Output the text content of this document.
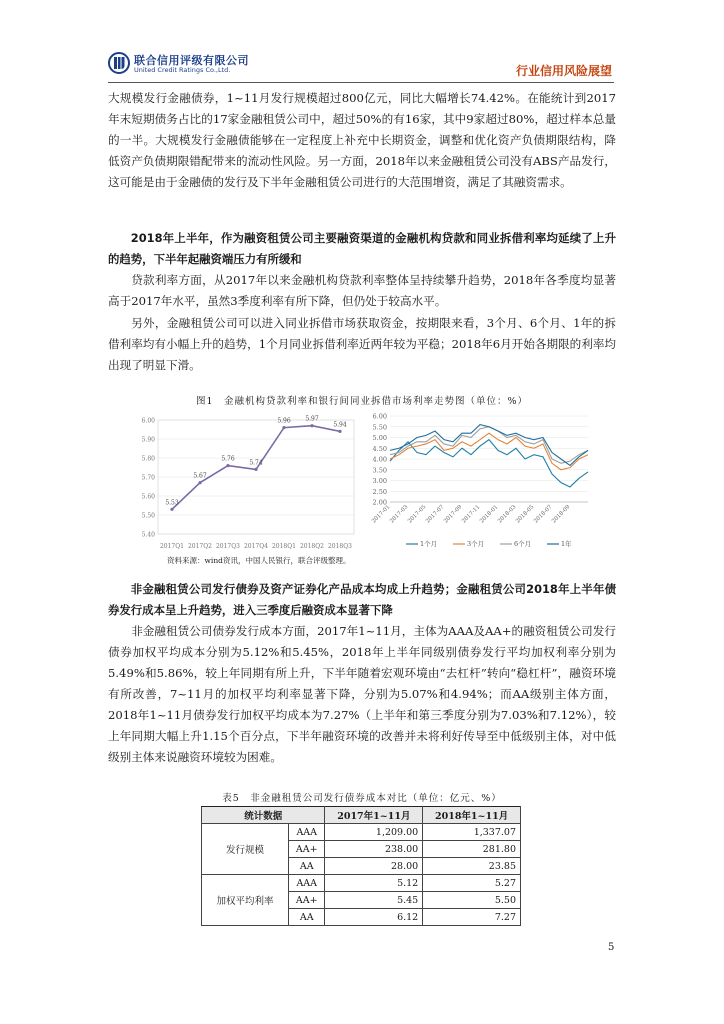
联合信用评级有限公司
United Credit Ratings Co.,Ltd.	行业信用风险展望

大规模发行金融债券，1~11月发行规模超过800亿元，同比大幅增长74.42%。在能统计到2017年末短期债务占比的17家金融租赁公司中，超过50%的有16家，其中9家超过80%，超过样本总量的一半。大规模发行金融债能够在一定程度上补充中长期资金，调整和优化资产负债期限结构，降低资产负债期限错配带来的流动性风险。另一方面，2018年以来金融租赁公司没有ABS产品发行，这可能是由于金融债的发行及下半年金融租赁公司进行的大范围增资，满足了其融资需求。

2018年上半年，作为融资租赁公司主要融资渠道的金融机构贷款和同业拆借利率均延续了上升的趋势，下半年起融资端压力有所缓和

贷款利率方面，从2017年以来金融机构贷款利率整体呈持续攀升趋势，2018年各季度均显著高于2017年水平，虽然3季度利率有所下降，但仍处于较高水平。

另外，金融租赁公司可以进入同业拆借市场获取资金，按期限来看，3个月、6个月、1年的拆借利率均有小幅上升的趋势，1个月同业拆借利率近两年较为平稳；2018年6月开始各期限的利率均出现了明显下滑。

图1　金融机构贷款利率和银行间同业拆借市场利率走势图（单位：%）
5.40
5.50
5.60
5.70
5.80
5.90
6.00
2017Q1 2017Q2 2017Q3 2017Q4 2018Q1 2018Q2 2018Q3
5.53
5.67
5.76
5.74
5.96 5.97
5.94
2.00
2.50
3.00
3.50
4.00
4.50
5.00
5.50
6.00
2017-01
2017-03
2017-05
2017-07
2017-09
2017-11
2018-01
2018-03
2018-05
2018-07
2018-09
1个月	3个月	6个月	1年
资料来源：wind资讯，中国人民银行，联合评级整理。

非金融租赁公司发行债券及资产证券化产品成本均成上升趋势；金融租赁公司2018年上半年债券发行成本呈上升趋势，进入三季度后融资成本显著下降

非金融租赁公司债券发行成本方面，2017年1~11月，主体为AAA及AA+的融资租赁公司发行债券加权平均成本分别为5.12%和5.45%，2018年上半年同级别债券发行平均加权利率分别为5.49%和5.86%，较上年同期有所上升，下半年随着宏观环境由“去杠杆”转向“稳杠杆”，融资环境有所改善，7~11月的加权平均利率显著下降，分别为5.07%和4.94%；而AA级别主体方面，2018年1~11月债券发行加权平均成本为7.27%（上半年和第三季度分别为7.03%和7.12%），较上年同期大幅上升1.15个百分点，下半年融资环境的改善并未将利好传导至中低级别主体，对中低级别主体来说融资环境较为困难。

表5　非金融租赁公司发行债券成本对比（单位：亿元、%）
统计数据		2017年1~11月	2018年1~11月
发行规模	AAA	1,209.00	1,337.07
	AA+	238.00	281.80
	AA	28.00	23.85
加权平均利率	AAA	5.12	5.27
	AA+	5.45	5.50
	AA	6.12	7.27
5
